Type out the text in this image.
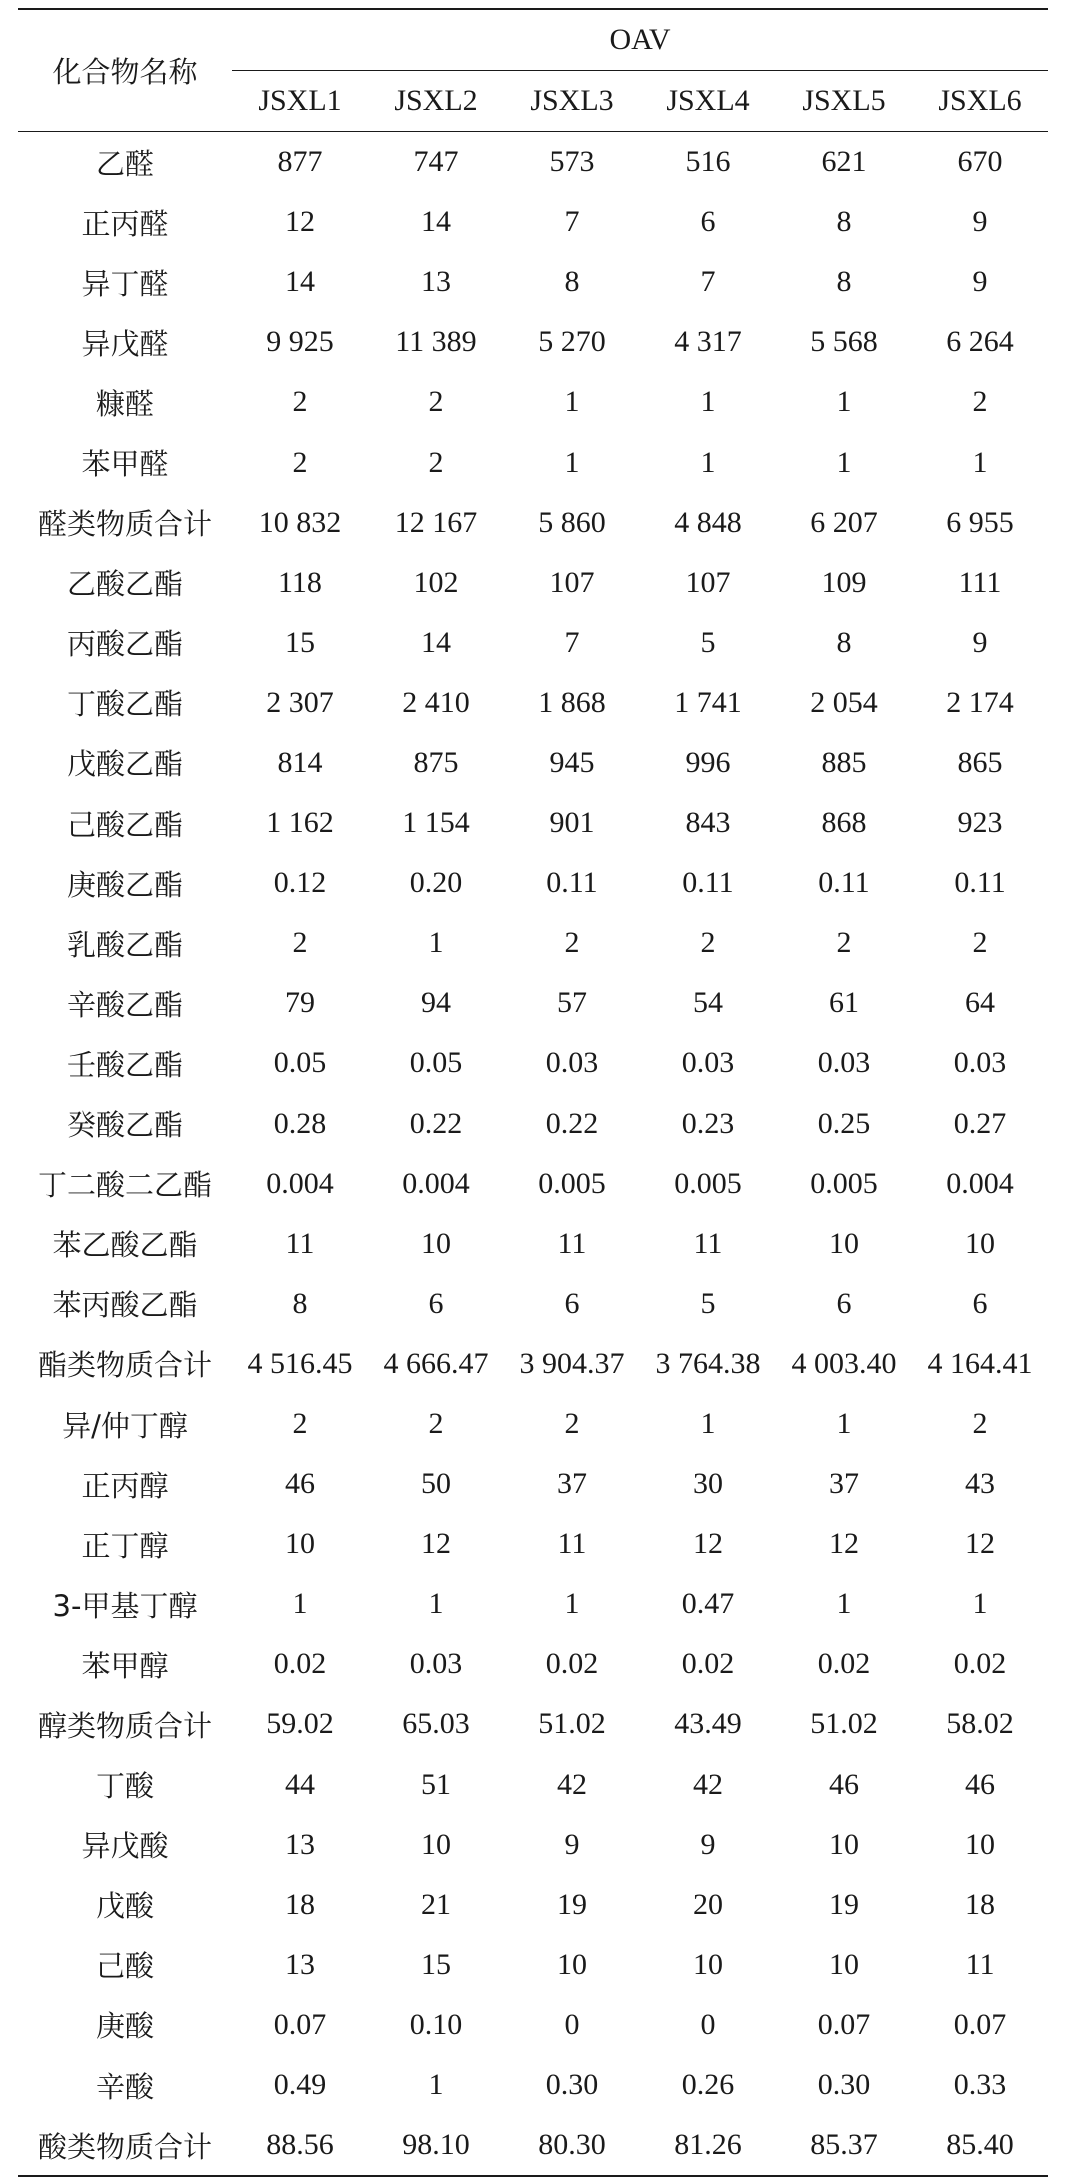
化合物名称	OAV					
	JSXL1	JSXL2	JSXL3	JSXL4	JSXL5	JSXL6
乙醛	877	747	573	516	621	670
正丙醛	12	14	7	6	8	9
异丁醛	14	13	8	7	8	9
异戊醛	9 925	11 389	5 270	4 317	5 568	6 264
糠醛	2	2	1	1	1	2
苯甲醛	2	2	1	1	1	1
醛类物质合计	10 832	12 167	5 860	4 848	6 207	6 955
乙酸乙酯	118	102	107	107	109	111
丙酸乙酯	15	14	7	5	8	9
丁酸乙酯	2 307	2 410	1 868	1 741	2 054	2 174
戊酸乙酯	814	875	945	996	885	865
己酸乙酯	1 162	1 154	901	843	868	923
庚酸乙酯	0.12	0.20	0.11	0.11	0.11	0.11
乳酸乙酯	2	1	2	2	2	2
辛酸乙酯	79	94	57	54	61	64
壬酸乙酯	0.05	0.05	0.03	0.03	0.03	0.03
癸酸乙酯	0.28	0.22	0.22	0.23	0.25	0.27
丁二酸二乙酯	0.004	0.004	0.005	0.005	0.005	0.004
苯乙酸乙酯	11	10	11	11	10	10
苯丙酸乙酯	8	6	6	5	6	6
酯类物质合计	4 516.45	4 666.47	3 904.37	3 764.38	4 003.40	4 164.41
异/仲丁醇	2	2	2	1	1	2
正丙醇	46	50	37	30	37	43
正丁醇	10	12	11	12	12	12
3-甲基丁醇	1	1	1	0.47	1	1
苯甲醇	0.02	0.03	0.02	0.02	0.02	0.02
醇类物质合计	59.02	65.03	51.02	43.49	51.02	58.02
丁酸	44	51	42	42	46	46
异戊酸	13	10	9	9	10	10
戊酸	18	21	19	20	19	18
己酸	13	15	10	10	10	11
庚酸	0.07	0.10	0	0	0.07	0.07
辛酸	0.49	1	0.30	0.26	0.30	0.33
酸类物质合计	88.56	98.10	80.30	81.26	85.37	85.40
